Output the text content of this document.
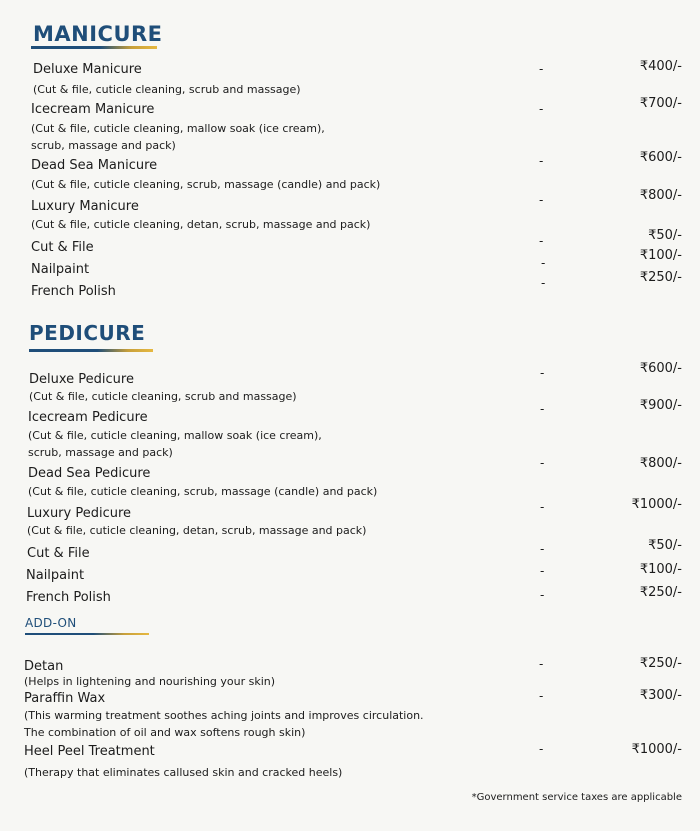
MANICURE
Deluxe Manicure
(Cut & file, cuticle cleaning, scrub and massage)
-	₹400/-
Icecream Manicure
(Cut & file, cuticle cleaning, mallow soak (ice cream),
scrub, massage and pack)
-	₹700/-
Dead Sea Manicure
(Cut & file, cuticle cleaning, scrub, massage (candle) and pack)
-	₹600/-
Luxury Manicure
(Cut & file, cuticle cleaning, detan, scrub, massage and pack)
-	₹800/-
Cut & File	-	₹50/-
Nailpaint	-	₹100/-
French Polish
-	₹250/-
PEDICURE
Deluxe Pedicure
(Cut & file, cuticle cleaning, scrub and massage)
-	₹600/-
Icecream Pedicure
(Cut & file, cuticle cleaning, mallow soak (ice cream),
scrub, massage and pack)
-	₹900/-
Dead Sea Pedicure
(Cut & file, cuticle cleaning, scrub, massage (candle) and pack)
-	₹800/-
Luxury Pedicure
(Cut & file, cuticle cleaning, detan, scrub, massage and pack)
-	₹1000/-
Cut & File	-	₹50/-
Nailpaint	-	₹100/-
French Polish	-	₹250/-
ADD-ON
Detan
(Helps in lightening and nourishing your skin)
-	₹250/-
Paraffin Wax
(This warming treatment soothes aching joints and improves circulation.
The combination of oil and wax softens rough skin)
-	₹300/-
Heel Peel Treatment
(Therapy that eliminates callused skin and cracked heels)
-	₹1000/-
*Government service taxes are applicable
